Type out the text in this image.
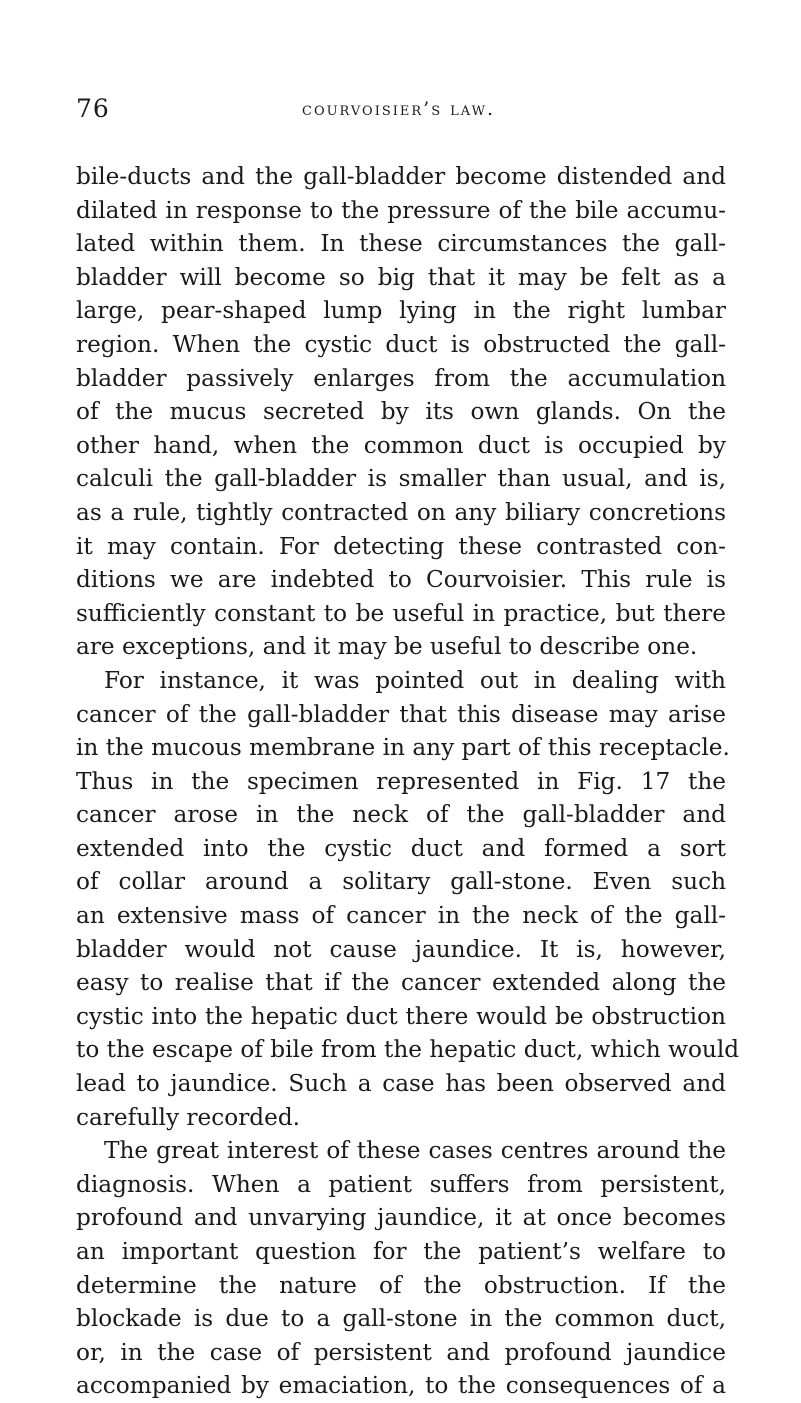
76	courvoisier’s law.
bile-ducts and the gall-bladder become distended and
dilated in response to the pressure of the bile accumu-
lated within them. In these circumstances the gall-
bladder will become so big that it may be felt as a
large, pear-shaped lump lying in the right lumbar
region. When the cystic duct is obstructed the gall-
bladder passively enlarges from the accumulation
of the mucus secreted by its own glands. On the
other hand, when the common duct is occupied by
calculi the gall-bladder is smaller than usual, and is,
as a rule, tightly contracted on any biliary concretions
it may contain. For detecting these contrasted con-
ditions we are indebted to Courvoisier. This rule is
sufficiently constant to be useful in practice, but there
are exceptions, and it may be useful to describe one.
For instance, it was pointed out in dealing with
cancer of the gall-bladder that this disease may arise
in the mucous membrane in any part of this receptacle.
Thus in the specimen represented in Fig. 17 the
cancer arose in the neck of the gall-bladder and
extended into the cystic duct and formed a sort
of collar around a solitary gall-stone. Even such
an extensive mass of cancer in the neck of the gall-
bladder would not cause jaundice. It is, however,
easy to realise that if the cancer extended along the
cystic into the hepatic duct there would be obstruction
to the escape of bile from the hepatic duct, which would
lead to jaundice. Such a case has been observed and
carefully recorded.
The great interest of these cases centres around the
diagnosis. When a patient suffers from persistent,
profound and unvarying jaundice, it at once becomes
an important question for the patient’s welfare to
determine the nature of the obstruction. If the
blockade is due to a gall-stone in the common duct,
or, in the case of persistent and profound jaundice
accompanied by emaciation, to the consequences of a
